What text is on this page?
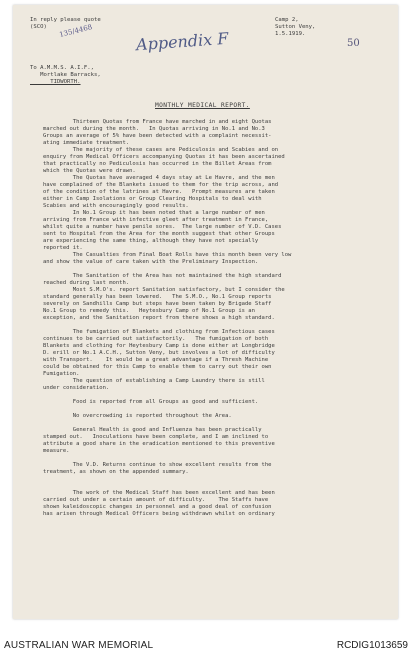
In reply please quote

(SCO) 135/4468	Appendix F	50

Camp 2,

Sutton Veny,

1.5.1919.

To A.M.M.S. A.I.F.,

Mortlake Barracks,

TIDWORTH.

MONTHLY MEDICAL REPORT.

Thirteen Quotas from France have marched in and eight Quotas

marched out during the month.   In Quotas arriving in No.1 and No.3

Groups an average of 5% have been detected with a complaint necessit-

ating immediate treatment.

The majority of these cases are Pediculosis and Scabies and on

enquiry from Medical Officers accompanying Quotas it has been ascertained

that practically no Pediculosis has occurred in the Billet Areas from

which the Quotas were drawn.

The Quotas have averaged 4 days stay at Le Havre, and the men

have complained of the Blankets issued to them for the trip across, and

of the condition of the latrines at Havre.   Prompt measures are taken

either in Camp Isolations or Group Clearing Hospitals to deal with

Scabies and with encouragingly good results.

In No.1 Group it has been noted that a large number of men

arriving from France with infective gleet after treatment in France,

whilst quite a number have penile sores.  The large number of V.D. Cases

sent to Hospital from the Area for the month suggest that other Groups

are experiencing the same thing, although they have not specially

reported it.

The Casualties from Final Boat Rolls have this month been very low

and show the value of care taken with the Preliminary Inspection.

The Sanitation of the Area has not maintained the high standard

reached during last month.

Most S.M.O's. report Sanitation satisfactory, but I consider the

standard generally has been lowered.   The S.M.O., No.1 Group reports

severely on Sandhills Camp but steps have been taken by Brigade Staff

No.1 Group to remedy this.   Heytesbury Camp of No.1 Group is an

exception, and the Sanitation report from there shows a high standard.

The fumigation of Blankets and clothing from Infectious cases

continues to be carried out satisfactorily.   The fumigation of both

Blankets and clothing for Heytesbury Camp is done either at Longbridge

D. erill or No.1 A.C.H., Sutton Veny, but involves a lot of difficulty

with Transport.    It would be a great advantage if a Thresh Machine

could be obtained for this Camp to enable them to carry out their own

Fumigation.

The question of establishing a Camp Laundry there is still

under consideration.

Food is reported from all Groups as good and sufficient.

No overcrowding is reported throughout the Area.

General Health is good and Influenza has been practically

stamped out.   Inoculations have been complete, and I am inclined to

attribute a good share in the eradication mentioned to this preventive

measure.

The V.D. Returns continue to show excellent results from the

treatment, as shown on the appended summary.

The work of the Medical Staff has been excellent and has been

carried out under a certain amount of difficulty.    The Staffs have

shown kaleidoscopic changes in personnel and a good deal of confusion

has arisen through Medical Officers being withdrawn whilst on ordinary

AUSTRALIAN WAR MEMORIAL	RCDIG1013659
